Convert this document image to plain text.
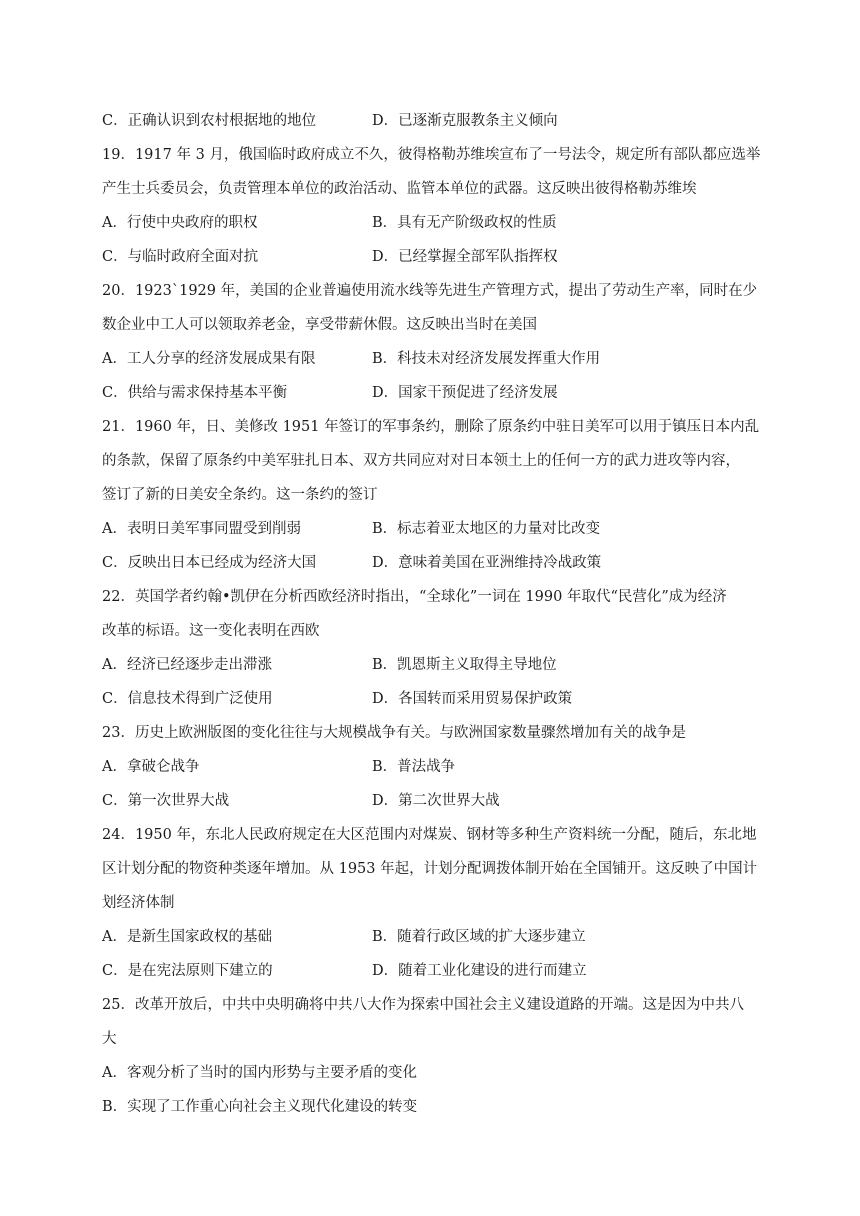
C．正确认识到农村根据地的地位	D．已逐渐克服教条主义倾向
19．1917 年 3 月，俄国临时政府成立不久，彼得格勒苏维埃宣布了一号法令，规定所有部队都应选举
产生士兵委员会，负责管理本单位的政治活动、监管本单位的武器。这反映出彼得格勒苏维埃
A．行使中央政府的职权	B．具有无产阶级政权的性质
C．与临时政府全面对抗	D．已经掌握全部军队指挥权
20．1923`1929 年，美国的企业普遍使用流水线等先进生产管理方式，提出了劳动生产率，同时在少
数企业中工人可以领取养老金，享受带薪休假。这反映出当时在美国
A．工人分享的经济发展成果有限	B．科技未对经济发展发挥重大作用
C．供给与需求保持基本平衡	D．国家干预促进了经济发展
21．1960 年，日、美修改 1951 年签订的军事条约，删除了原条约中驻日美军可以用于镇压日本内乱
的条款，保留了原条约中美军驻扎日本、双方共同应对对日本领土上的任何一方的武力进攻等内容，
签订了新的日美安全条约。这一条约的签订
A．表明日美军事同盟受到削弱	B．标志着亚太地区的力量对比改变
C．反映出日本已经成为经济大国	D．意味着美国在亚洲维持冷战政策
22．英国学者约翰•凯伊在分析西欧经济时指出，“全球化”一词在 1990 年取代“民营化”成为经济
改革的标语。这一变化表明在西欧
A．经济已经逐步走出滞涨	B．凯恩斯主义取得主导地位
C．信息技术得到广泛使用	D．各国转而采用贸易保护政策
23．历史上欧洲版图的变化往往与大规模战争有关。与欧洲国家数量骤然增加有关的战争是
A．拿破仑战争	B．普法战争
C．第一次世界大战	D．第二次世界大战
24．1950 年，东北人民政府规定在大区范围内对煤炭、钢材等多种生产资料统一分配，随后，东北地
区计划分配的物资种类逐年增加。从 1953 年起，计划分配调拨体制开始在全国铺开。这反映了中国计
划经济体制
A．是新生国家政权的基础	B．随着行政区域的扩大逐步建立
C．是在宪法原则下建立的	D．随着工业化建设的进行而建立
25．改革开放后，中共中央明确将中共八大作为探索中国社会主义建设道路的开端。这是因为中共八
大
A．客观分析了当时的国内形势与主要矛盾的变化
B．实现了工作重心向社会主义现代化建设的转变
